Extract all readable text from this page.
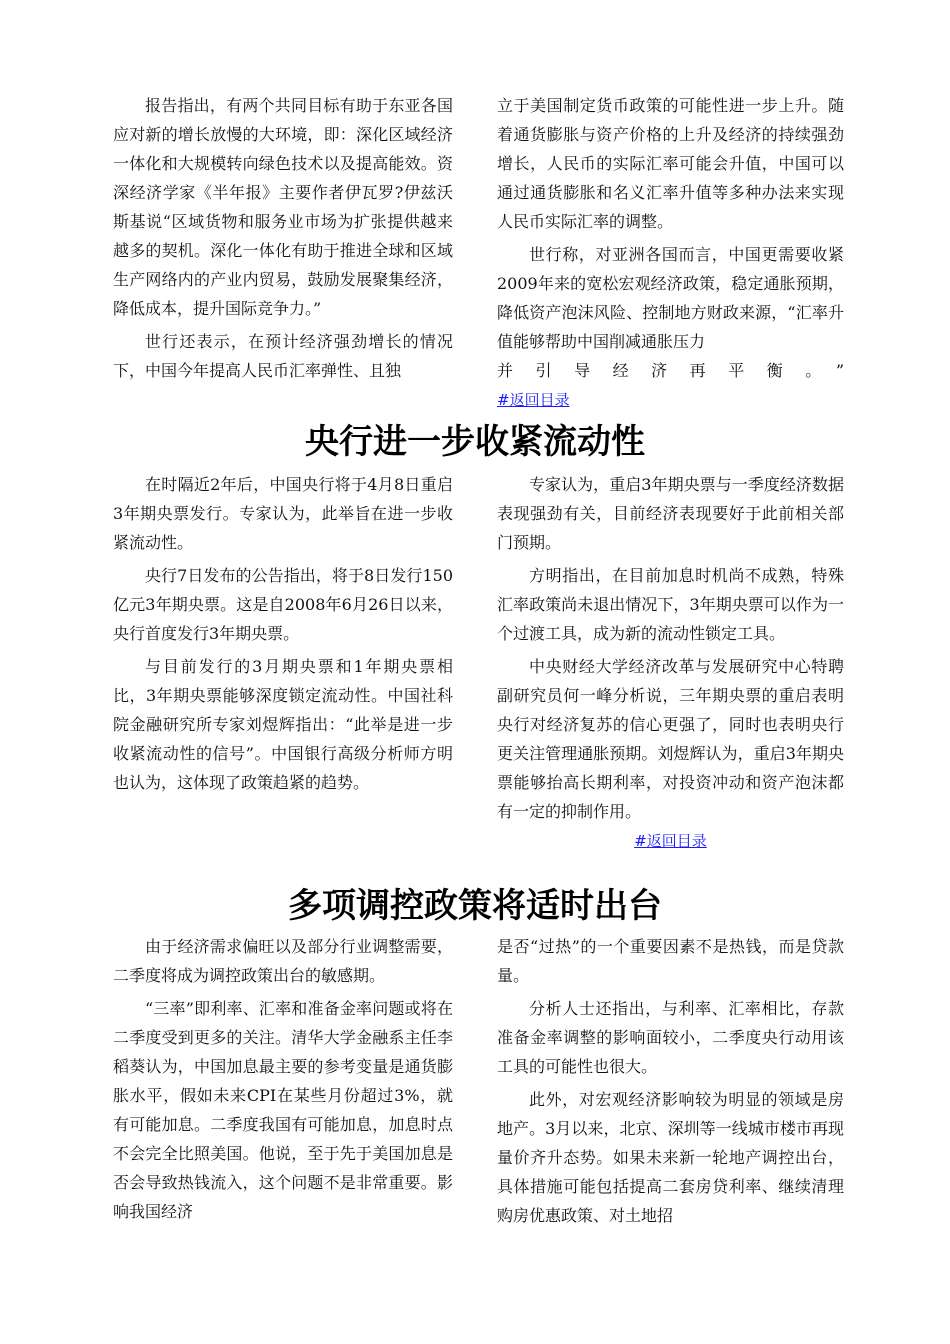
报告指出，有两个共同目标有助于东亚各国应对新的增长放慢的大环境，即：深化区域经济一体化和大规模转向绿色技术以及提高能效。资深经济学家《半年报》主要作者伊瓦罗?伊兹沃斯基说“区域货物和服务业市场为扩张提供越来越多的契机。深化一体化有助于推进全球和区域生产网络内的产业内贸易，鼓励发展聚集经济，降低成本，提升国际竞争力。”

世行还表示，在预计经济强劲增长的情况下，中国今年提高人民币汇率弹性、且独

立于美国制定货币政策的可能性进一步上升。随着通货膨胀与资产价格的上升及经济的持续强劲增长，人民币的实际汇率可能会升值，中国可以通过通货膨胀和名义汇率升值等多种办法来实现人民币实际汇率的调整。

世行称，对亚洲各国而言，中国更需要收紧2009年来的宽松宏观经济政策，稳定通胀预期，降低资产泡沫风险、控制地方财政来源，“汇率升值能够帮助中国削减通胀压力

并引导经济再平衡。”

#返回目录

央行进一步收紧流动性

在时隔近2年后，中国央行将于4月8日重启3年期央票发行。专家认为，此举旨在进一步收紧流动性。

央行7日发布的公告指出，将于8日发行150亿元3年期央票。这是自2008年6月26日以来，央行首度发行3年期央票。

与目前发行的3月期央票和1年期央票相比，3年期央票能够深度锁定流动性。中国社科院金融研究所专家刘煜辉指出：“此举是进一步收紧流动性的信号”。中国银行高级分析师方明也认为，这体现了政策趋紧的趋势。

专家认为，重启3年期央票与一季度经济数据表现强劲有关，目前经济表现要好于此前相关部门预期。

方明指出，在目前加息时机尚不成熟，特殊汇率政策尚未退出情况下，3年期央票可以作为一个过渡工具，成为新的流动性锁定工具。

中央财经大学经济改革与发展研究中心特聘副研究员何一峰分析说，三年期央票的重启表明央行对经济复苏的信心更强了，同时也表明央行更关注管理通胀预期。刘煜辉认为，重启3年期央票能够抬高长期利率，对投资冲动和资产泡沫都有一定的抑制作用。

#返回目录

多项调控政策将适时出台

由于经济需求偏旺以及部分行业调整需要，二季度将成为调控政策出台的敏感期。

“三率”即利率、汇率和准备金率问题或将在二季度受到更多的关注。清华大学金融系主任李稻葵认为，中国加息最主要的参考变量是通货膨胀水平，假如未来CPI在某些月份超过3%，就有可能加息。二季度我国有可能加息，加息时点不会完全比照美国。他说，至于先于美国加息是否会导致热钱流入，这个问题不是非常重要。影响我国经济

是否“过热”的一个重要因素不是热钱，而是贷款量。

分析人士还指出，与利率、汇率相比，存款准备金率调整的影响面较小，二季度央行动用该工具的可能性也很大。

此外，对宏观经济影响较为明显的领域是房地产。3月以来，北京、深圳等一线城市楼市再现量价齐升态势。如果未来新一轮地产调控出台，具体措施可能包括提高二套房贷利率、继续清理购房优惠政策、对土地招
